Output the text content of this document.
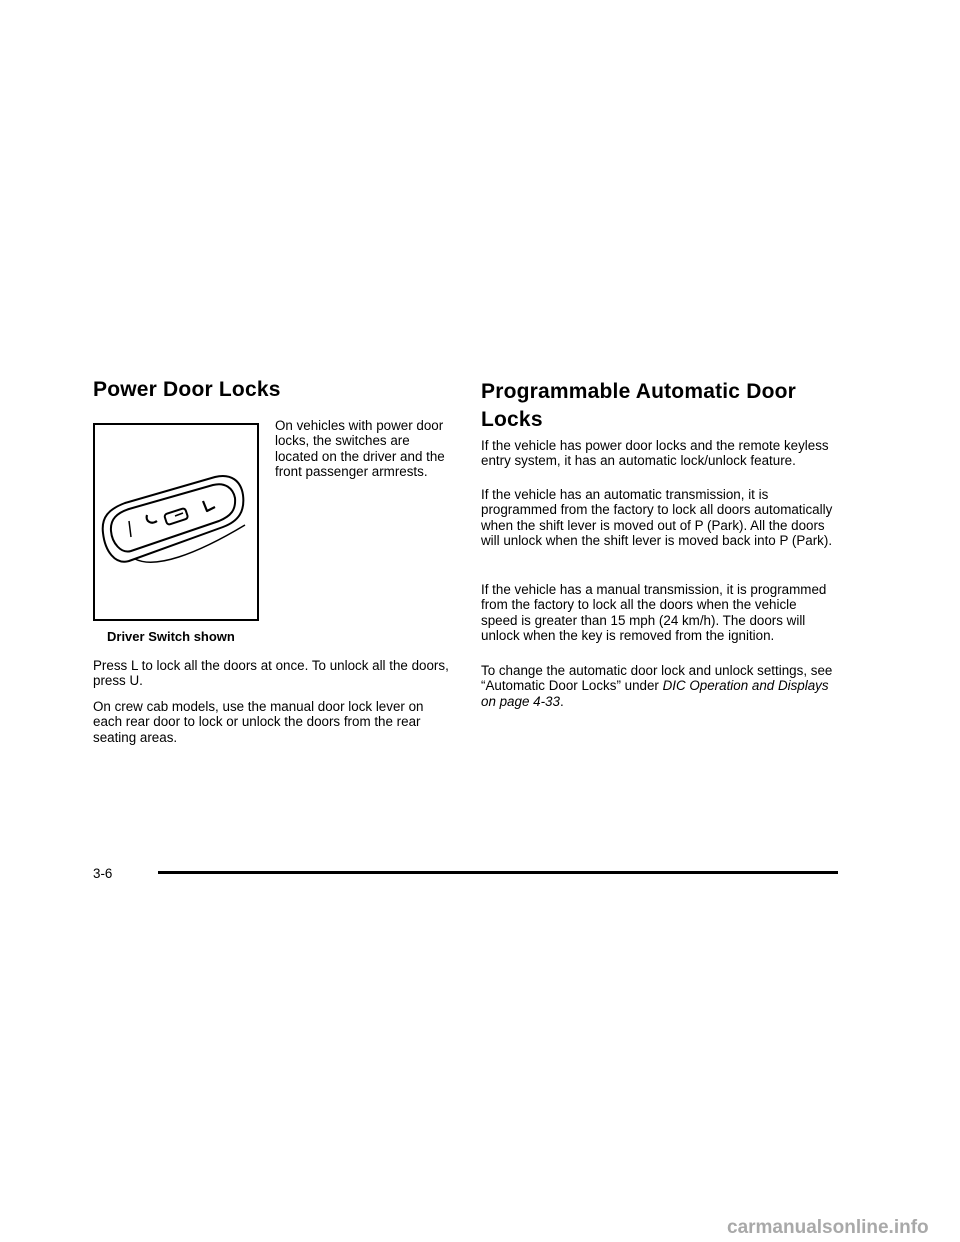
Power Door Locks

On vehicles with power door locks, the switches are located on the driver and the front passenger armrests.

Driver Switch shown

Press L to lock all the doors at once. To unlock all the doors, press U.

On crew cab models, use the manual door lock lever on each rear door to lock or unlock the doors from the rear seating areas.

Programmable Automatic Door Locks

If the vehicle has power door locks and the remote keyless entry system, it has an automatic lock/unlock feature.

If the vehicle has an automatic transmission, it is programmed from the factory to lock all doors automatically when the shift lever is moved out of P (Park). All the doors will unlock when the shift lever is moved back into P (Park).

If the vehicle has a manual transmission, it is programmed from the factory to lock all the doors when the vehicle speed is greater than 15 mph (24 km/h). The doors will unlock when the key is removed from the ignition.

To change the automatic door lock and unlock settings, see “Automatic Door Locks” under DIC Operation and Displays on page 4-33.

3-6

carmanualsonline.info
